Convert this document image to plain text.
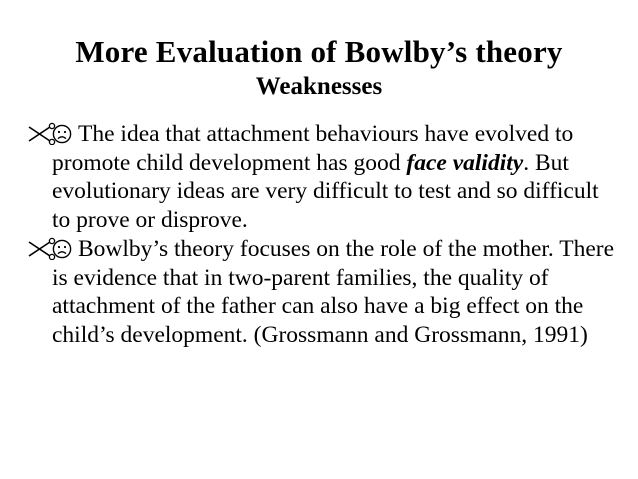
More Evaluation of Bowlby’s theory
Weaknesses
The idea that attachment behaviours have evolved to promote child development has good face validity. But evolutionary ideas are very difficult to test and so difficult to prove or disprove.
Bowlby’s theory focuses on the role of the mother. There is evidence that in two-parent families, the quality of attachment of the father can also have a big effect on the child’s development. (Grossmann and Grossmann, 1991)
